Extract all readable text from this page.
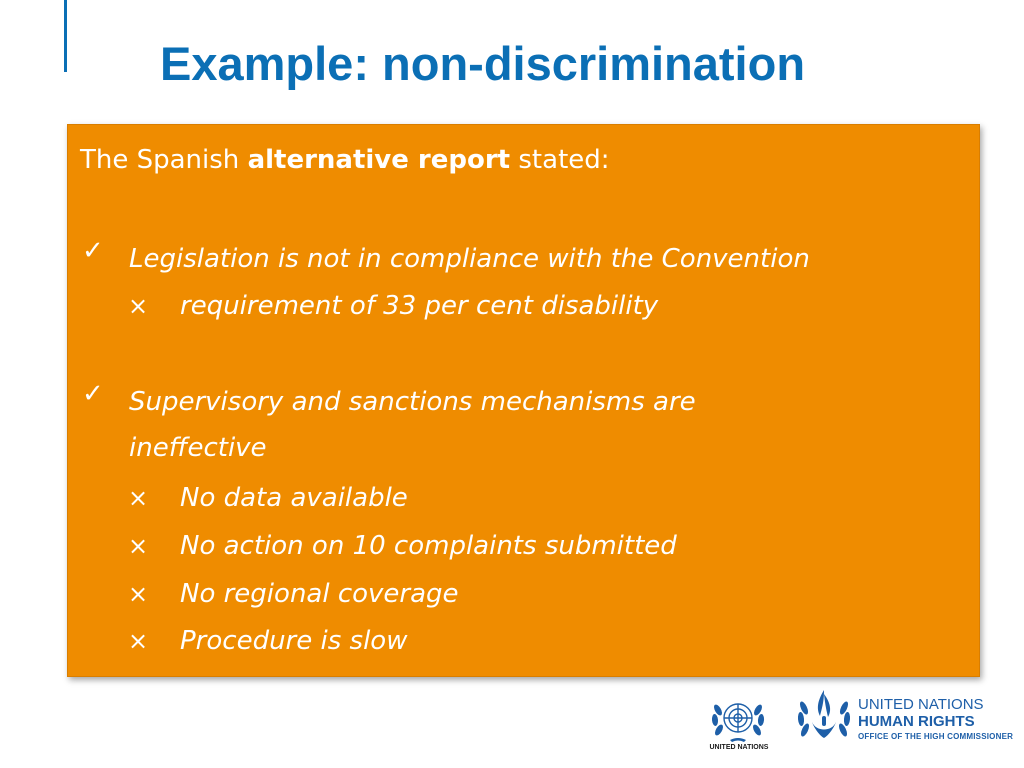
Example: non-discrimination
The Spanish alternative report stated:
✓ Legislation is not in compliance with the Convention
× requirement of 33 per cent disability
✓ Supervisory and sanctions mechanisms are ineffective
× No data available
× No action on 10 complaints submitted
× No regional coverage
× Procedure is slow
UNITED NATIONS
UNITED NATIONS
HUMAN RIGHTS
OFFICE OF THE HIGH COMMISSIONER
